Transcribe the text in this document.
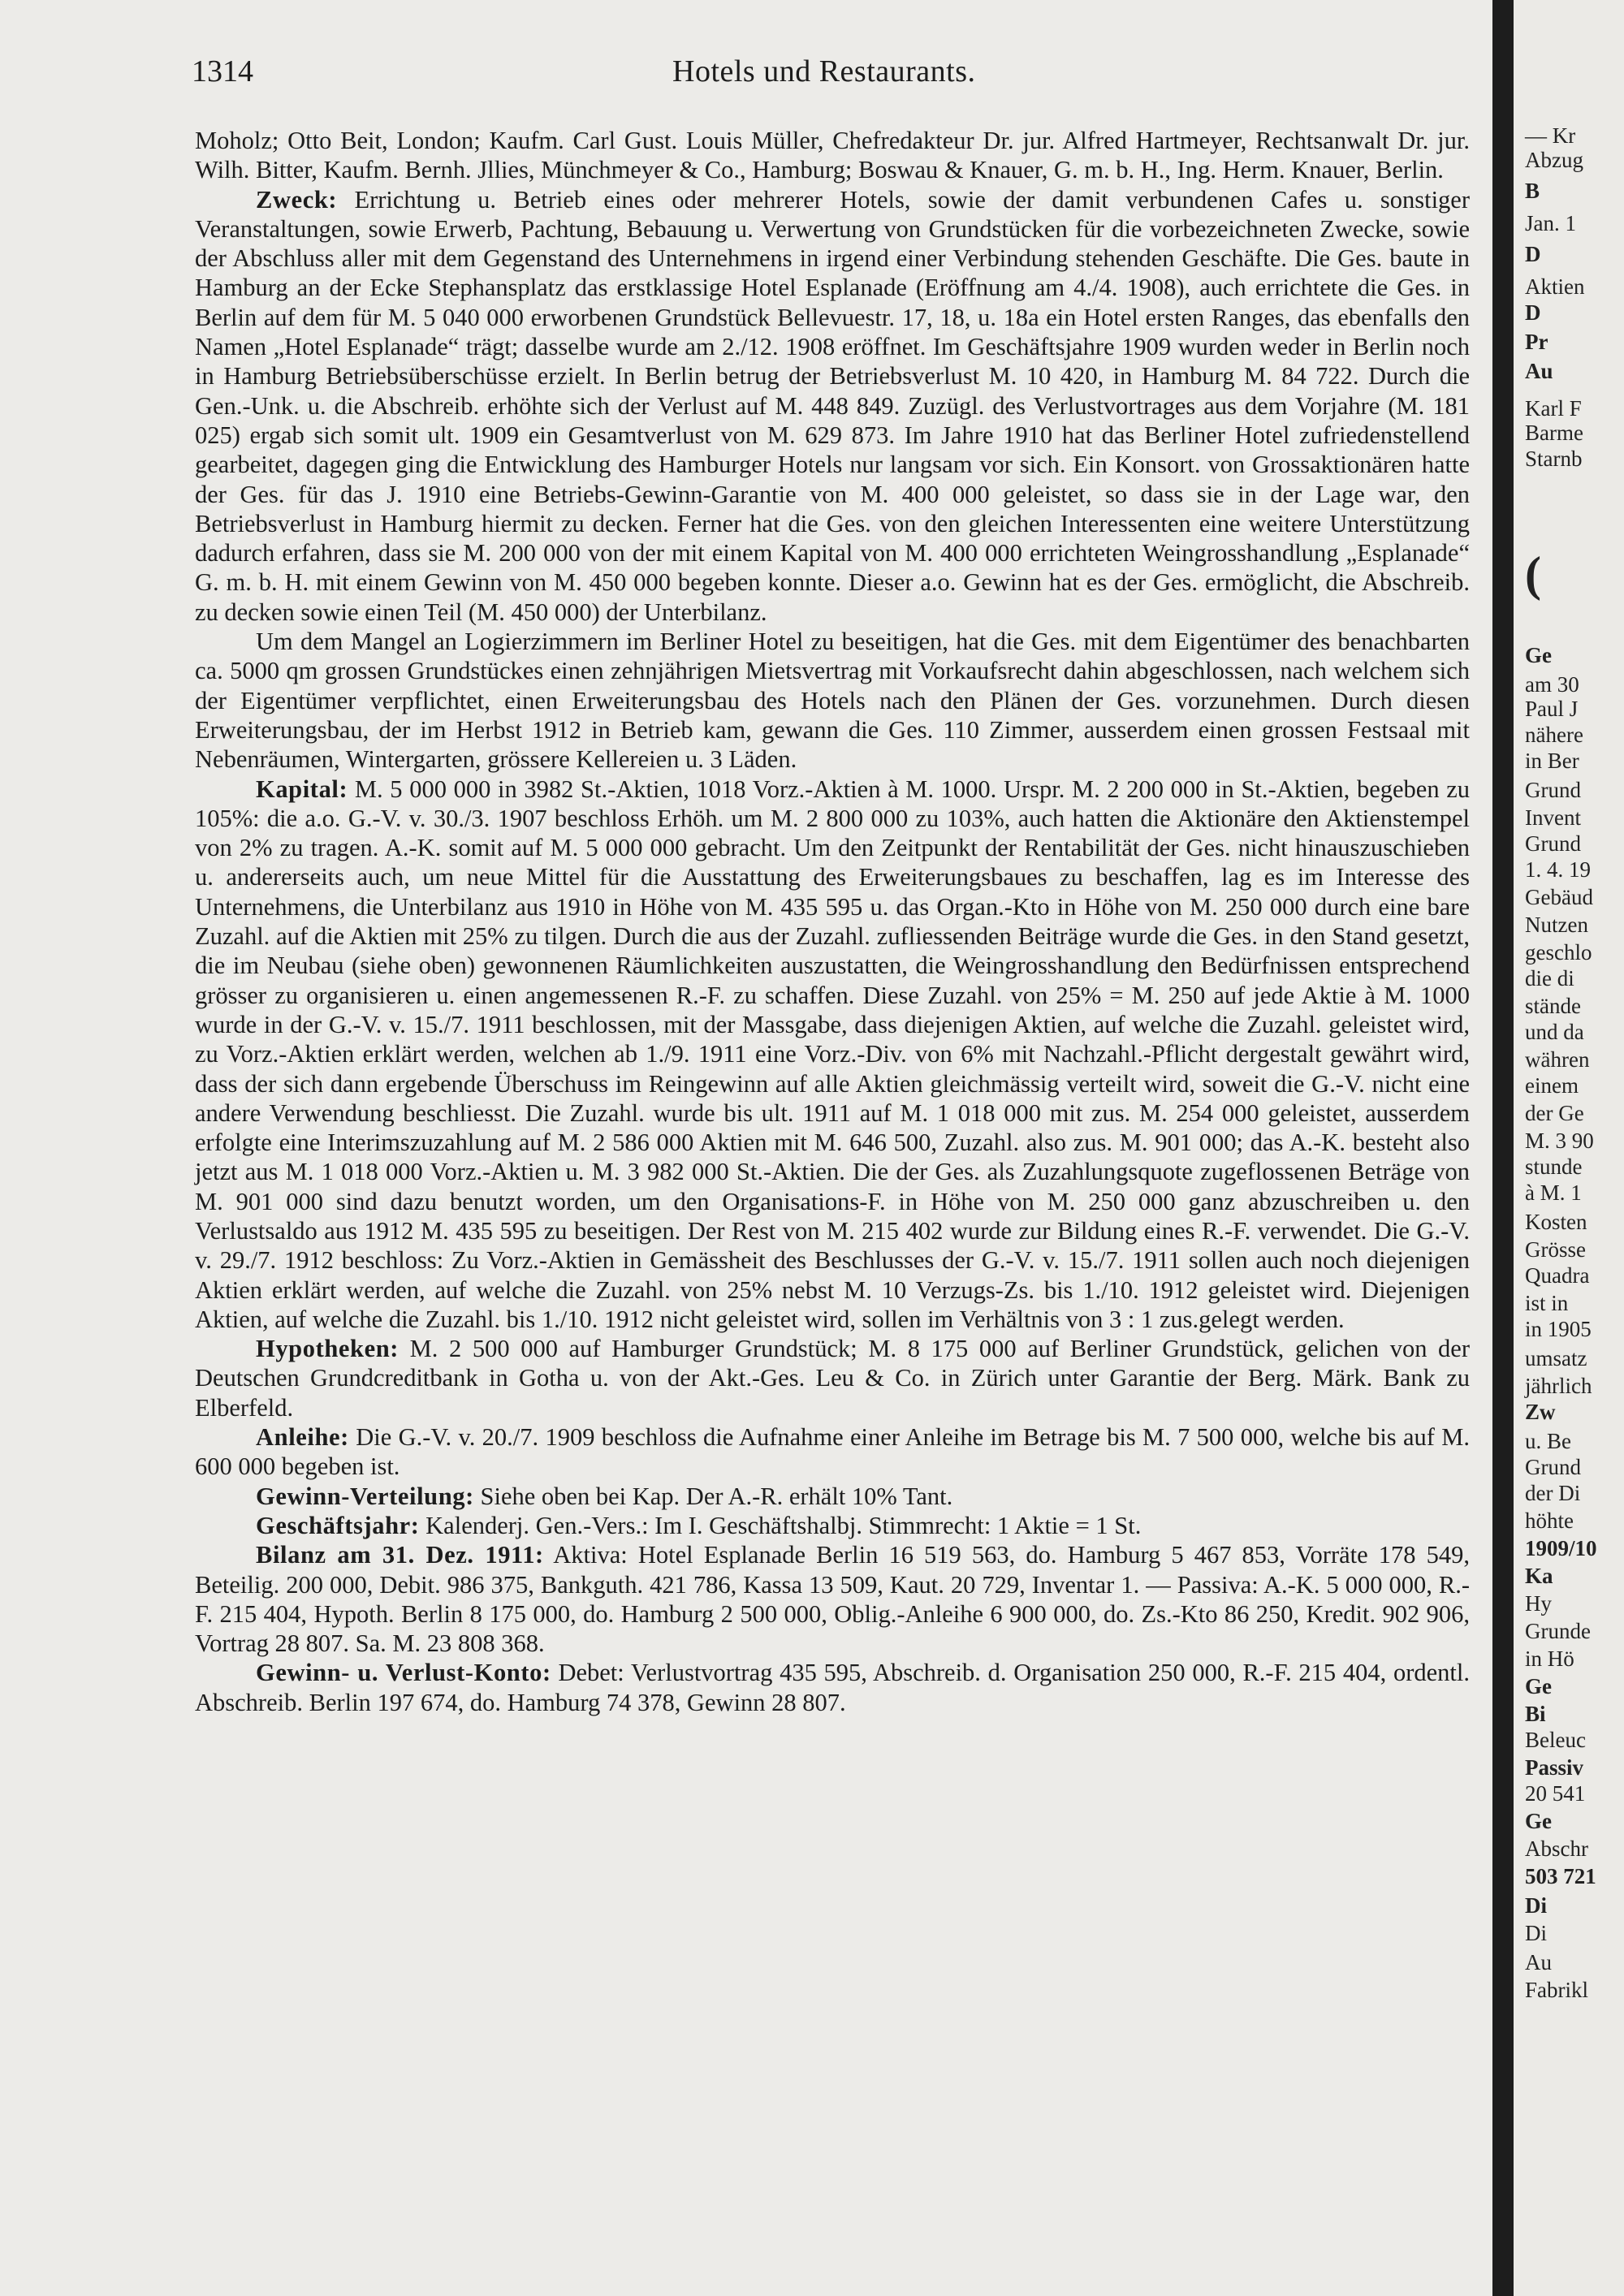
1314	Hotels und Restaurants.

Moholz; Otto Beit, London; Kaufm. Carl Gust. Louis Müller, Chefredakteur Dr. jur. Alfred Hartmeyer, Rechtsanwalt Dr. jur. Wilh. Bitter, Kaufm. Bernh. Jllies, Münchmeyer & Co., Hamburg; Boswau & Knauer, G. m. b. H., Ing. Herm. Knauer, Berlin.

Zweck: Errichtung u. Betrieb eines oder mehrerer Hotels, sowie der damit verbundenen Cafes u. sonstiger Veranstaltungen, sowie Erwerb, Pachtung, Bebauung u. Verwertung von Grundstücken für die vorbezeichneten Zwecke, sowie der Abschluss aller mit dem Gegenstand des Unternehmens in irgend einer Verbindung stehenden Geschäfte. Die Ges. baute in Hamburg an der Ecke Stephansplatz das erstklassige Hotel Esplanade (Eröffnung am 4./4. 1908), auch errichtete die Ges. in Berlin auf dem für M. 5 040 000 erworbenen Grundstück Bellevuestr. 17, 18, u. 18a ein Hotel ersten Ranges, das ebenfalls den Namen „Hotel Esplanade“ trägt; dasselbe wurde am 2./12. 1908 eröffnet. Im Geschäftsjahre 1909 wurden weder in Berlin noch in Hamburg Betriebsüberschüsse erzielt. In Berlin betrug der Betriebsverlust M. 10 420, in Hamburg M. 84 722. Durch die Gen.-Unk. u. die Abschreib. erhöhte sich der Verlust auf M. 448 849. Zuzügl. des Verlustvortrages aus dem Vorjahre (M. 181 025) ergab sich somit ult. 1909 ein Gesamtverlust von M. 629 873. Im Jahre 1910 hat das Berliner Hotel zufriedenstellend gearbeitet, dagegen ging die Entwicklung des Hamburger Hotels nur langsam vor sich. Ein Konsort. von Grossaktionären hatte der Ges. für das J. 1910 eine Betriebs-Gewinn-Garantie von M. 400 000 geleistet, so dass sie in der Lage war, den Betriebsverlust in Hamburg hiermit zu decken. Ferner hat die Ges. von den gleichen Interessenten eine weitere Unterstützung dadurch erfahren, dass sie M. 200 000 von der mit einem Kapital von M. 400 000 errichteten Weingrosshandlung „Esplanade“ G. m. b. H. mit einem Gewinn von M. 450 000 begeben konnte. Dieser a.o. Gewinn hat es der Ges. ermöglicht, die Abschreib. zu decken sowie einen Teil (M. 450 000) der Unterbilanz.

Um dem Mangel an Logierzimmern im Berliner Hotel zu beseitigen, hat die Ges. mit dem Eigentümer des benachbarten ca. 5000 qm grossen Grundstückes einen zehnjährigen Mietsvertrag mit Vorkaufsrecht dahin abgeschlossen, nach welchem sich der Eigentümer verpflichtet, einen Erweiterungsbau des Hotels nach den Plänen der Ges. vorzunehmen. Durch diesen Erweiterungsbau, der im Herbst 1912 in Betrieb kam, gewann die Ges. 110 Zimmer, ausserdem einen grossen Festsaal mit Nebenräumen, Wintergarten, grössere Kellereien u. 3 Läden.

Kapital: M. 5 000 000 in 3982 St.-Aktien, 1018 Vorz.-Aktien à M. 1000. Urspr. M. 2 200 000 in St.-Aktien, begeben zu 105%: die a.o. G.-V. v. 30./3. 1907 beschloss Erhöh. um M. 2 800 000 zu 103%, auch hatten die Aktionäre den Aktienstempel von 2% zu tragen. A.-K. somit auf M. 5 000 000 gebracht. Um den Zeitpunkt der Rentabilität der Ges. nicht hinauszuschieben u. andererseits auch, um neue Mittel für die Ausstattung des Erweiterungsbaues zu beschaffen, lag es im Interesse des Unternehmens, die Unterbilanz aus 1910 in Höhe von M. 435 595 u. das Organ.-Kto in Höhe von M. 250 000 durch eine bare Zuzahl. auf die Aktien mit 25% zu tilgen. Durch die aus der Zuzahl. zufliessenden Beiträge wurde die Ges. in den Stand gesetzt, die im Neubau (siehe oben) gewonnenen Räumlichkeiten auszustatten, die Weingrosshandlung den Bedürfnissen entsprechend grösser zu organisieren u. einen angemessenen R.-F. zu schaffen. Diese Zuzahl. von 25% = M. 250 auf jede Aktie à M. 1000 wurde in der G.-V. v. 15./7. 1911 beschlossen, mit der Massgabe, dass diejenigen Aktien, auf welche die Zuzahl. geleistet wird, zu Vorz.-Aktien erklärt werden, welchen ab 1./9. 1911 eine Vorz.-Div. von 6% mit Nachzahl.-Pflicht dergestalt gewährt wird, dass der sich dann ergebende Überschuss im Reingewinn auf alle Aktien gleichmässig verteilt wird, soweit die G.-V. nicht eine andere Verwendung beschliesst. Die Zuzahl. wurde bis ult. 1911 auf M. 1 018 000 mit zus. M. 254 000 geleistet, ausserdem erfolgte eine Interimszuzahlung auf M. 2 586 000 Aktien mit M. 646 500, Zuzahl. also zus. M. 901 000; das A.-K. besteht also jetzt aus M. 1 018 000 Vorz.-Aktien u. M. 3 982 000 St.-Aktien. Die der Ges. als Zuzahlungsquote zugeflossenen Beträge von M. 901 000 sind dazu benutzt worden, um den Organisations-F. in Höhe von M. 250 000 ganz abzuschreiben u. den Verlustsaldo aus 1912 M. 435 595 zu beseitigen. Der Rest von M. 215 402 wurde zur Bildung eines R.-F. verwendet. Die G.-V. v. 29./7. 1912 beschloss: Zu Vorz.-Aktien in Gemässheit des Beschlusses der G.-V. v. 15./7. 1911 sollen auch noch diejenigen Aktien erklärt werden, auf welche die Zuzahl. von 25% nebst M. 10 Verzugs-Zs. bis 1./10. 1912 geleistet wird. Diejenigen Aktien, auf welche die Zuzahl. bis 1./10. 1912 nicht geleistet wird, sollen im Verhältnis von 3 : 1 zus.gelegt werden.

Hypotheken: M. 2 500 000 auf Hamburger Grundstück; M. 8 175 000 auf Berliner Grundstück, gelichen von der Deutschen Grundcreditbank in Gotha u. von der Akt.-Ges. Leu & Co. in Zürich unter Garantie der Berg. Märk. Bank zu Elberfeld.

Anleihe: Die G.-V. v. 20./7. 1909 beschloss die Aufnahme einer Anleihe im Betrage bis M. 7 500 000, welche bis auf M. 600 000 begeben ist.

Gewinn-Verteilung: Siehe oben bei Kap. Der A.-R. erhält 10% Tant.

Geschäftsjahr: Kalenderj. Gen.-Vers.: Im I. Geschäftshalbj. Stimmrecht: 1 Aktie = 1 St.

Bilanz am 31. Dez. 1911: Aktiva: Hotel Esplanade Berlin 16 519 563, do. Hamburg 5 467 853, Vorräte 178 549, Beteilig. 200 000, Debit. 986 375, Bankguth. 421 786, Kassa 13 509, Kaut. 20 729, Inventar 1. — Passiva: A.-K. 5 000 000, R.-F. 215 404, Hypoth. Berlin 8 175 000, do. Hamburg 2 500 000, Oblig.-Anleihe 6 900 000, do. Zs.-Kto 86 250, Kredit. 902 906, Vortrag 28 807. Sa. M. 23 808 368.

Gewinn- u. Verlust-Konto: Debet: Verlustvortrag 435 595, Abschreib. d. Organisation 250 000, R.-F. 215 404, ordentl. Abschreib. Berlin 197 674, do. Hamburg 74 378, Gewinn 28 807.

— Kr
Abzug
B
Jan. 1
D
Aktien
D
Pr
Au
Karl F
Barme
Starnb
(
Ge
am 30
Paul J
nähere
in Ber
Grund
Invent
Grund
1. 4. 19
Gebäud
Nutzen
geschlo
die di
stände
und da
währen
einem
der Ge
M. 3 90
stunde
à M. 1
Kosten
Grösse
Quadra
ist in
in 1905
umsatz
jährlich
Zw
u. Be
Grund
der Di
höhte
1909/10
Ka
Hy
Grunde
in Hö
Ge
Bi
Beleuc
Passiv
20 541
Ge
Abschr
503 721
Di
Di
Au
Fabrikl
